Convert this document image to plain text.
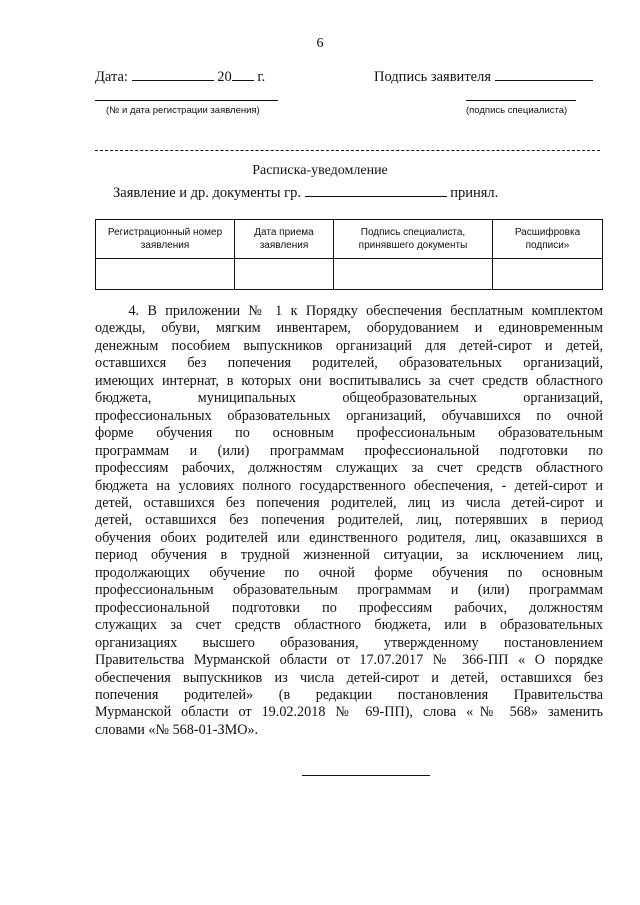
6
Дата:	20 г.	Подпись заявителя
(№ и дата регистрации заявления)	(подпись специалиста)
Расписка-уведомление
Заявление и др. документы гр.	принял.
Регистрационный номер заявления	Дата приема заявления	Подпись специалиста, принявшего документы	Расшифровка подписи»

4. В приложении № 1 к Порядку обеспечения бесплатным комплектом
одежды, обуви, мягким инвентарем, оборудованием и единовременным
денежным пособием выпускников организаций для детей-сирот и детей,
оставшихся без попечения родителей, образовательных организаций,
имеющих интернат, в которых они воспитывались за счет средств областного
бюджета, муниципальных общеобразовательных организаций,
профессиональных образовательных организаций, обучавшихся по очной
форме обучения по основным профессиональным образовательным
программам и (или) программам профессиональной подготовки по
профессиям рабочих, должностям служащих за счет средств областного
бюджета на условиях полного государственного обеспечения, - детей-сирот и
детей, оставшихся без попечения родителей, лиц из числа детей-сирот и
детей, оставшихся без попечения родителей, лиц, потерявших в период
обучения обоих родителей или единственного родителя, лиц, оказавшихся в
период обучения в трудной жизненной ситуации, за исключением лиц,
продолжающих обучение по очной форме обучения по основным
профессиональным образовательным программам и (или) программам
профессиональной подготовки по профессиям рабочих, должностям
служащих за счет средств областного бюджета, или в образовательных
организациях высшего образования, утвержденному постановлением
Правительства Мурманской области от 17.07.2017 № 366-ПП « О порядке
обеспечения выпускников из числа детей-сирот и детей, оставшихся без
попечения родителей» (в редакции постановления Правительства
Мурманской области от 19.02.2018 № 69-ПП), слова «№ 568» заменить
словами «№ 568-01-ЗМО».
